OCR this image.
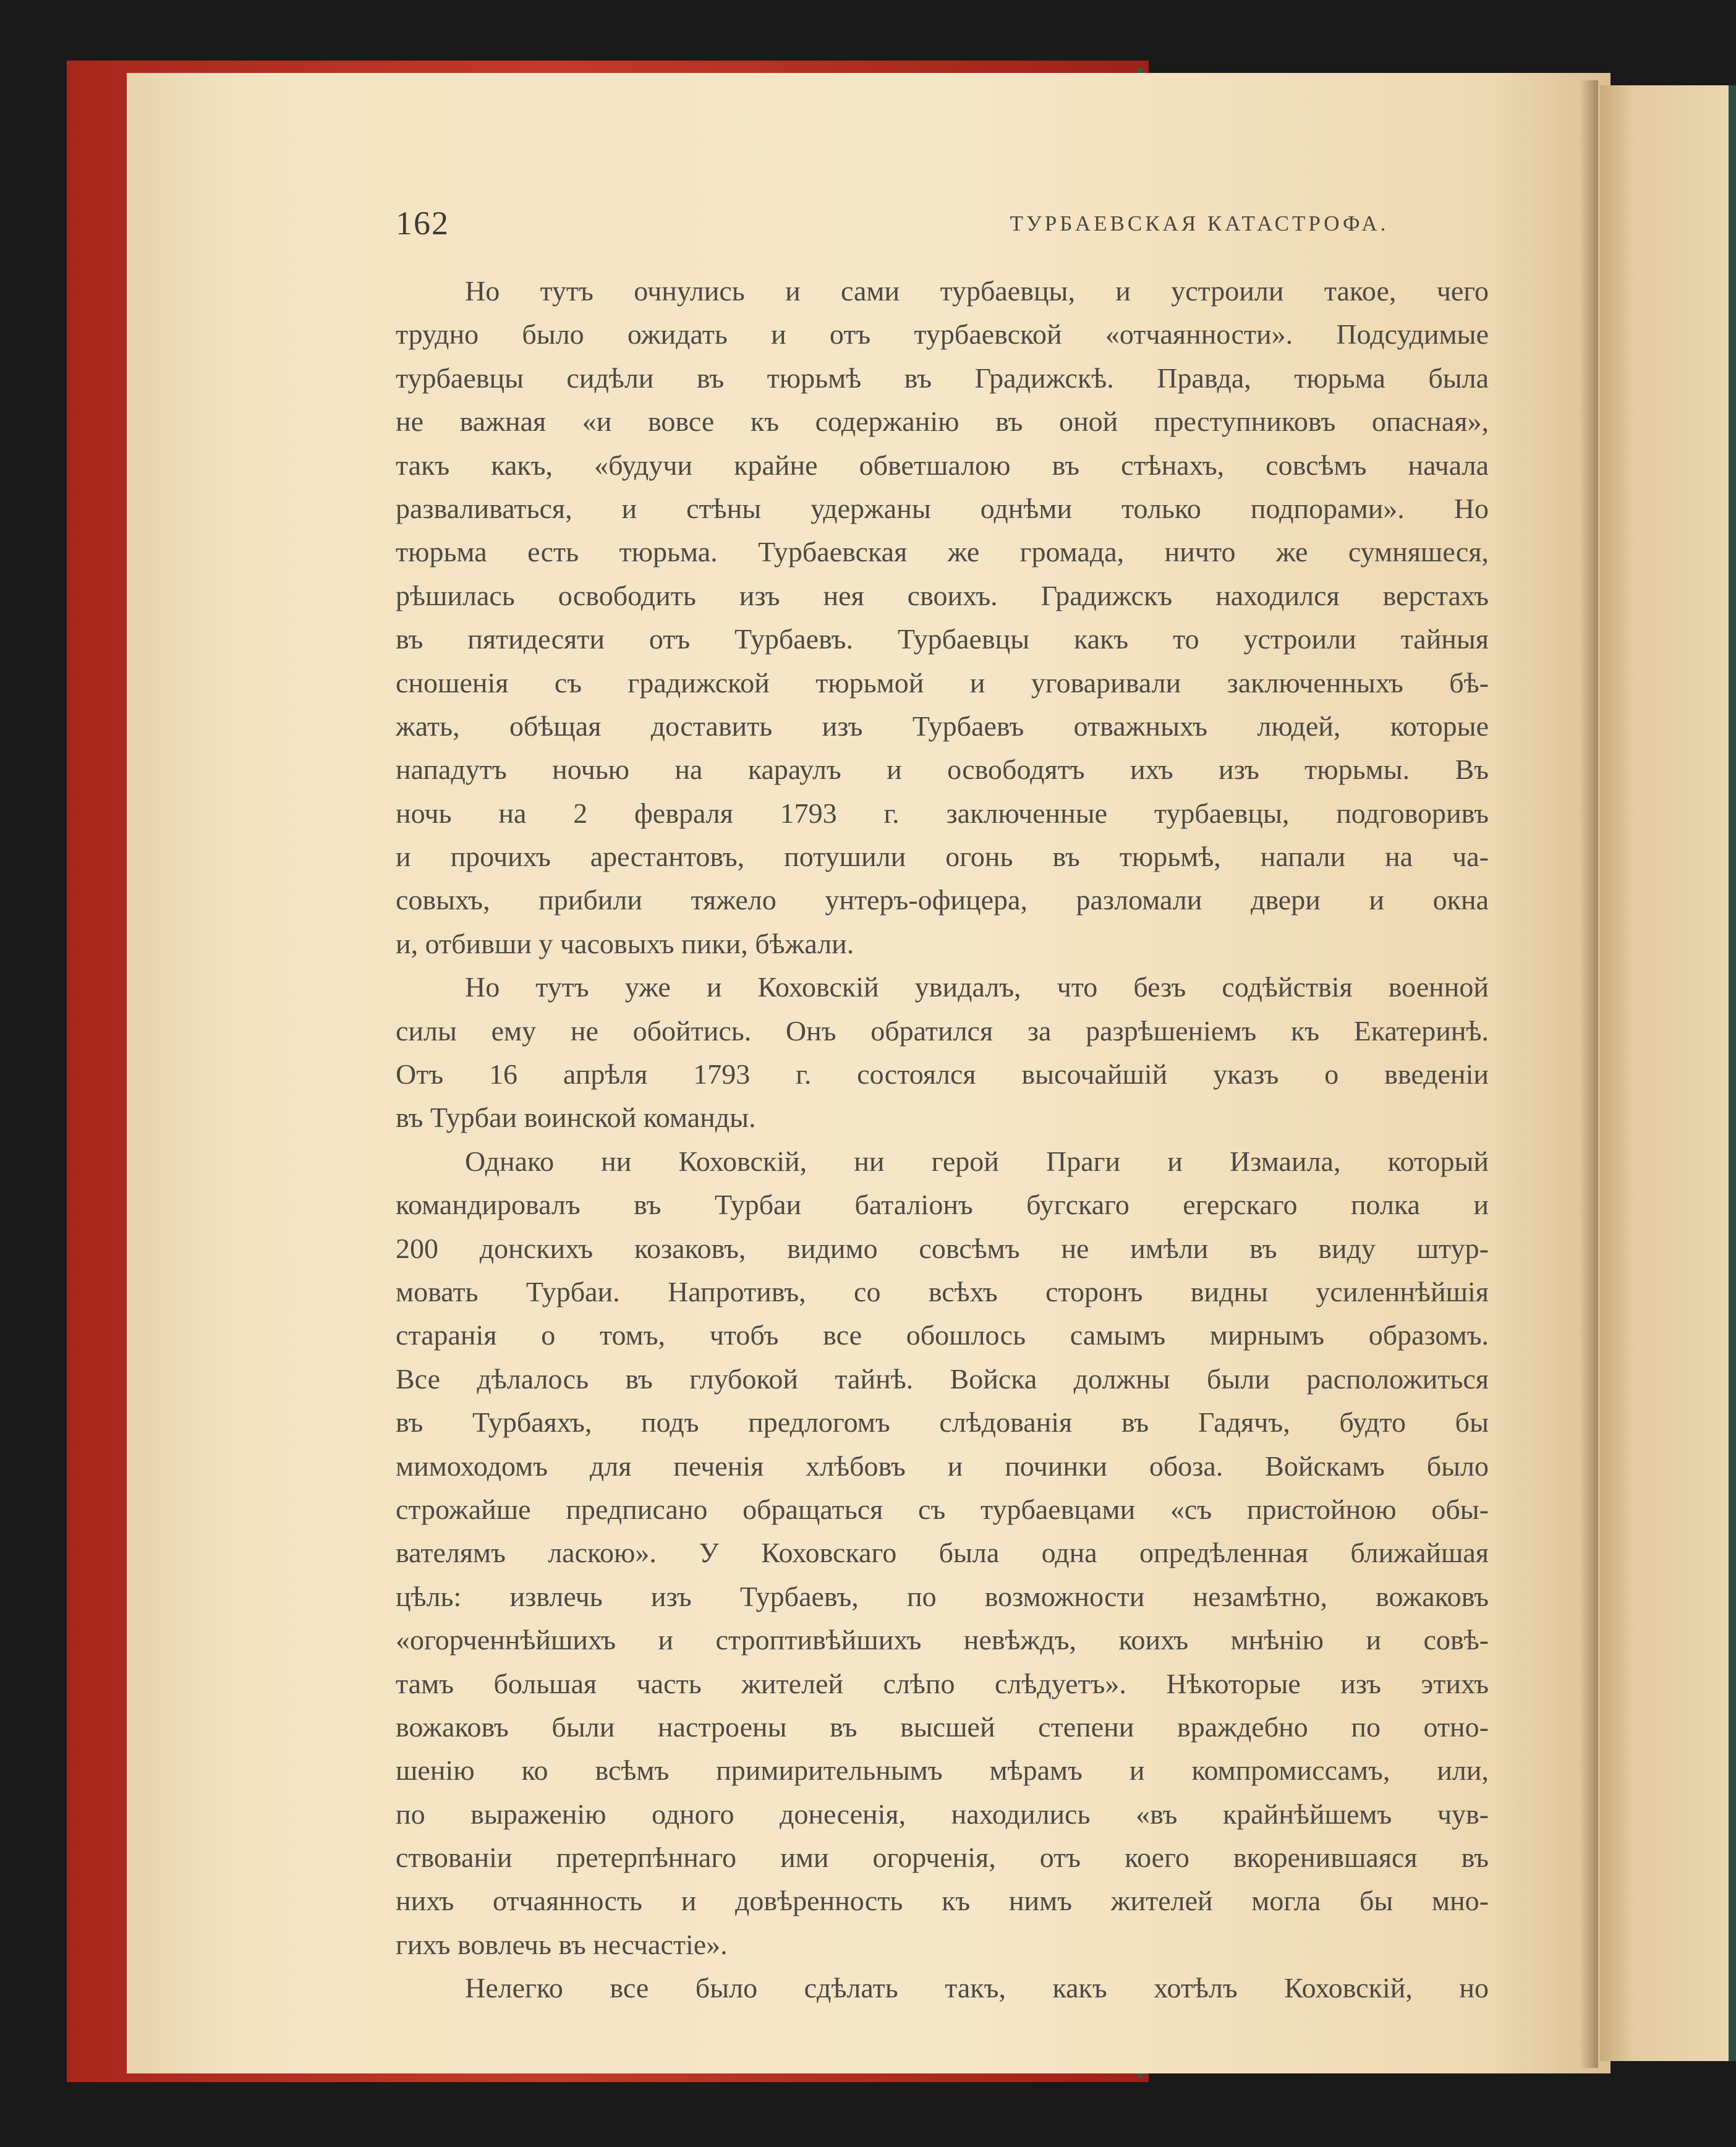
162	ТУРБАЕВСКАЯ КАТАСТРОФА.
Но тутъ очнулись и сами турбаевцы, и устроили такое, чего
трудно было ожидать и отъ турбаевской «отчаянности». Подсудимые
турбаевцы сидѣли въ тюрьмѣ въ Градижскѣ. Правда, тюрьма была
не важная «и вовсе къ содержанію въ оной преступниковъ опасная»,
такъ какъ, «будучи крайне обветшалою въ стѣнахъ, совсѣмъ начала
разваливаться, и стѣны удержаны однѣми только подпорами». Но
тюрьма есть тюрьма. Турбаевская же громада, ничто же сумняшеся,
рѣшилась освободить изъ нея своихъ. Градижскъ находился верстахъ
въ пятидесяти отъ Турбаевъ. Турбаевцы какъ то устроили тайныя
сношенія съ градижской тюрьмой и уговаривали заключенныхъ бѣ-
жать, обѣщая доставить изъ Турбаевъ отважныхъ людей, которые
нападутъ ночью на караулъ и освободятъ ихъ изъ тюрьмы. Въ
ночь на 2 февраля 1793 г. заключенные турбаевцы, подговоривъ
и прочихъ арестантовъ, потушили огонь въ тюрьмѣ, напали на ча-
совыхъ, прибили тяжело унтеръ-офицера, разломали двери и окна
и, отбивши у часовыхъ пики, бѣжали.
Но тутъ уже и Коховскій увидалъ, что безъ содѣйствія военной
силы ему не обойтись. Онъ обратился за разрѣшеніемъ къ Екатеринѣ.
Отъ 16 апрѣля 1793 г. состоялся высочайшій указъ о введеніи
въ Турбаи воинской команды.
Однако ни Коховскій, ни герой Праги и Измаила, который
командировалъ въ Турбаи баталіонъ бугскаго егерскаго полка и
200 донскихъ козаковъ, видимо совсѣмъ не имѣли въ виду штур-
мовать Турбаи. Напротивъ, со всѣхъ сторонъ видны усиленнѣйшія
старанія о томъ, чтобъ все обошлось самымъ мирнымъ образомъ.
Все дѣлалось въ глубокой тайнѣ. Войска должны были расположиться
въ Турбаяхъ, подъ предлогомъ слѣдованія въ Гадячъ, будто бы
мимоходомъ для печенія хлѣбовъ и починки обоза. Войскамъ было
строжайше предписано обращаться съ турбаевцами «съ пристойною обы-
вателямъ ласкою». У Коховскаго была одна опредѣленная ближайшая
цѣль: извлечь изъ Турбаевъ, по возможности незамѣтно, вожаковъ
«огорченнѣйшихъ и строптивѣйшихъ невѣждъ, коихъ мнѣнію и совѣ-
тамъ большая часть жителей слѣпо слѣдуетъ». Нѣкоторые изъ этихъ
вожаковъ были настроены въ высшей степени враждебно по отно-
шенію ко всѣмъ примирительнымъ мѣрамъ и компромиссамъ, или,
по выраженію одного донесенія, находились «въ крайнѣйшемъ чув-
ствованіи претерпѣннаго ими огорченія, отъ коего вкоренившаяся въ
нихъ отчаянность и довѣренность къ нимъ жителей могла бы мно-
гихъ вовлечь въ несчастіе».
Нелегко все было сдѣлать такъ, какъ хотѣлъ Коховскій, но
